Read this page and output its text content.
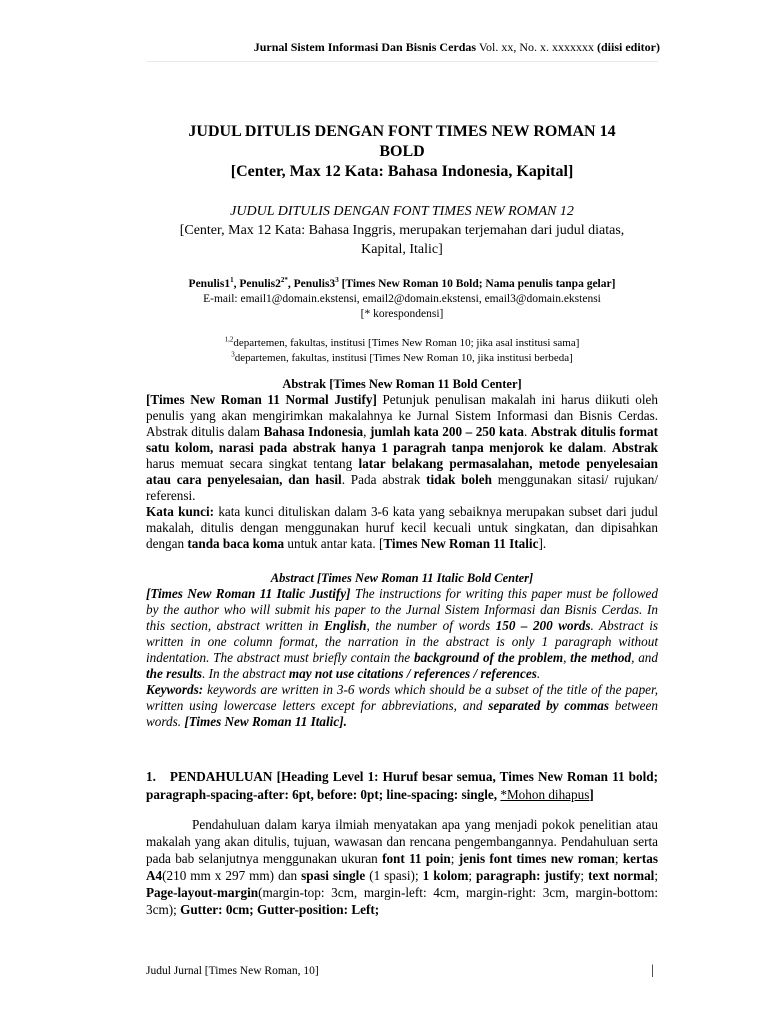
Jurnal Sistem Informasi Dan Bisnis Cerdas Vol. xx, No. x. xxxxxxx (diisi editor)
JUDUL DITULIS DENGAN FONT TIMES NEW ROMAN 14
BOLD
[Center, Max 12 Kata: Bahasa Indonesia, Kapital]
JUDUL DITULIS DENGAN FONT TIMES NEW ROMAN 12
[Center, Max 12 Kata: Bahasa Inggris, merupakan terjemahan dari judul diatas,
Kapital, Italic]
$Penulis1^1$, $Penulis2^{2*}$, $Penulis3^3$ [Times New Roman 10 Bold; Nama penulis tanpa gelar]
E-mail: email1@domain.ekstensi, email2@domain.ekstensi, email3@domain.ekstensi
[* korespondensi]
$^{1,2}$departemen, fakultas, institusi [Times New Roman 10; jika asal institusi sama]
$^3$departemen, fakultas, institusi [Times New Roman 10, jika institusi berbeda]
Abstrak [Times New Roman 11 Bold Center]
[Times New Roman 11 Normal Justify] Petunjuk penulisan makalah ini harus diikuti oleh penulis yang akan mengirimkan makalahnya ke Jurnal Sistem Informasi dan Bisnis Cerdas. Abstrak ditulis dalam Bahasa Indonesia, jumlah kata 200 – 250 kata. Abstrak ditulis format satu kolom, narasi pada abstrak hanya 1 paragrah tanpa menjorok ke dalam. Abstrak harus memuat secara singkat tentang latar belakang permasalahan, metode penyelesaian atau cara penyelesaian, dan hasil. Pada abstrak tidak boleh menggunakan sitasi/ rujukan/ referensi.
Kata kunci: kata kunci dituliskan dalam 3-6 kata yang sebaiknya merupakan subset dari judul makalah, ditulis dengan menggunakan huruf kecil kecuali untuk singkatan, dan dipisahkan dengan tanda baca koma untuk antar kata. [Times New Roman 11 Italic].
Abstract [Times New Roman 11 Italic Bold Center]
[Times New Roman 11 Italic Justify] The instructions for writing this paper must be followed by the author who will submit his paper to the Jurnal Sistem Informasi dan Bisnis Cerdas. In this section, abstract written in English, the number of words 150 – 200 words. Abstract is written in one column format, the narration in the abstract is only 1 paragraph without indentation. The abstract must briefly contain the background of the problem, the method, and the results. In the abstract may not use citations / references / references.
Keywords: keywords are written in 3-6 words which should be a subset of the title of the paper, written using lowercase letters except for abbreviations, and separated by commas between words. [Times New Roman 11 Italic].
1. PENDAHULUAN [Heading Level 1: Huruf besar semua, Times New Roman 11 bold; paragraph-spacing-after: 6pt, before: 0pt; line-spacing: single, *Mohon dihapus]
Pendahuluan dalam karya ilmiah menyatakan apa yang menjadi pokok penelitian atau makalah yang akan ditulis, tujuan, wawasan dan rencana pengembangannya. Pendahuluan serta pada bab selanjutnya menggunakan ukuran font 11 poin; jenis font times new roman; kertas A4(210 mm x 297 mm) dan spasi single (1 spasi); 1 kolom; paragraph: justify; text normal; Page-layout-margin(margin-top: 3cm, margin-left: 4cm, margin-right: 3cm, margin-bottom: 3cm); Gutter: 0cm; Gutter-position: Left;
Judul Jurnal [Times New Roman, 10]	|
